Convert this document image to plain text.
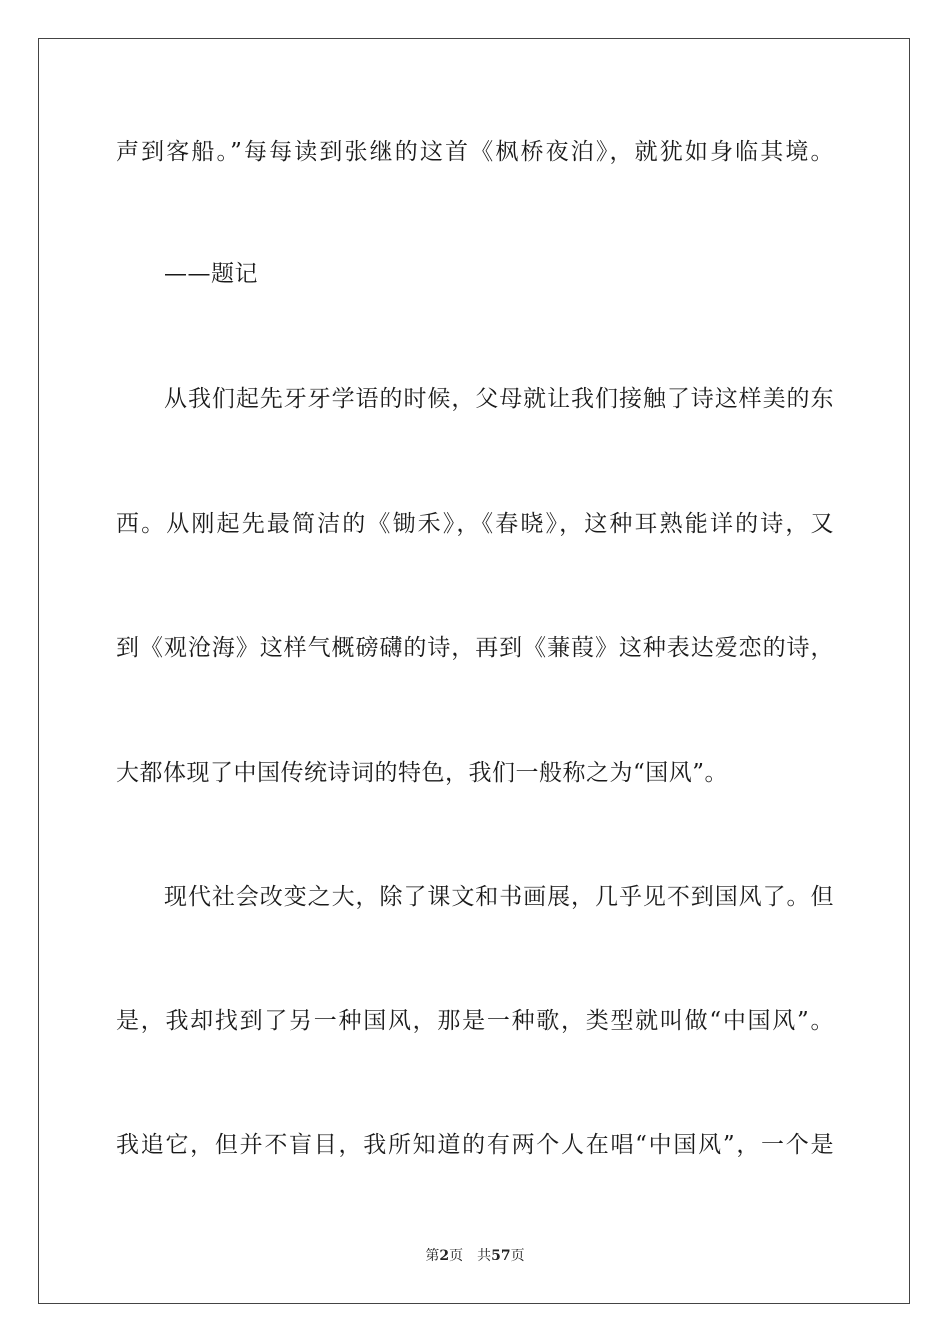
声到客船。”每每读到张继的这首《枫桥夜泊》，就犹如身临其境。
——题记
从我们起先牙牙学语的时候，父母就让我们接触了诗这样美的东
西。从刚起先最简洁的《锄禾》，《春晓》，这种耳熟能详的诗，又
到《观沧海》这样气概磅礴的诗，再到《蒹葭》这种表达爱恋的诗，
大都体现了中国传统诗词的特色，我们一般称之为“国风”。
现代社会改变之大，除了课文和书画展，几乎见不到国风了。但
是，我却找到了另一种国风，那是一种歌，类型就叫做“中国风”。
我追它，但并不盲目，我所知道的有两个人在唱“中国风”，一个是
第2页 共57页
